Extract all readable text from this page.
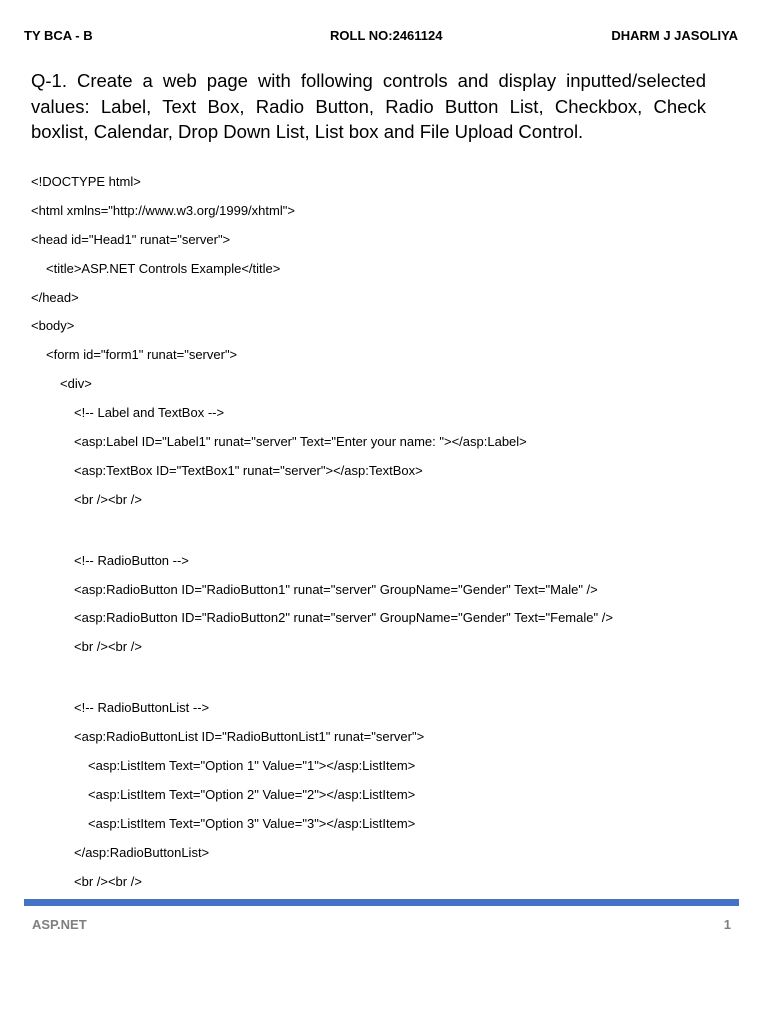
TY BCA - B	ROLL NO:2461124	DHARM J JASOLIYA
Q-1. Create a web page with following controls and display inputted/selected values: Label, Text Box, Radio Button, Radio Button List, Checkbox, Check boxlist, Calendar, Drop Down List, List box and File Upload Control.
<!DOCTYPE html>
<html xmlns="http://www.w3.org/1999/xhtml">
<head id="Head1" runat="server">
<title>ASP.NET Controls Example</title>
</head>
<body>
<form id="form1" runat="server">
<div>
<!-- Label and TextBox -->
<asp:Label ID="Label1" runat="server" Text="Enter your name: "></asp:Label>
<asp:TextBox ID="TextBox1" runat="server"></asp:TextBox>
<br /><br />
<!-- RadioButton -->
<asp:RadioButton ID="RadioButton1" runat="server" GroupName="Gender" Text="Male" />
<asp:RadioButton ID="RadioButton2" runat="server" GroupName="Gender" Text="Female" />
<br /><br />
<!-- RadioButtonList -->
<asp:RadioButtonList ID="RadioButtonList1" runat="server">
<asp:ListItem Text="Option 1" Value="1"></asp:ListItem>
<asp:ListItem Text="Option 2" Value="2"></asp:ListItem>
<asp:ListItem Text="Option 3" Value="3"></asp:ListItem>
</asp:RadioButtonList>
<br /><br />
ASP.NET	1
